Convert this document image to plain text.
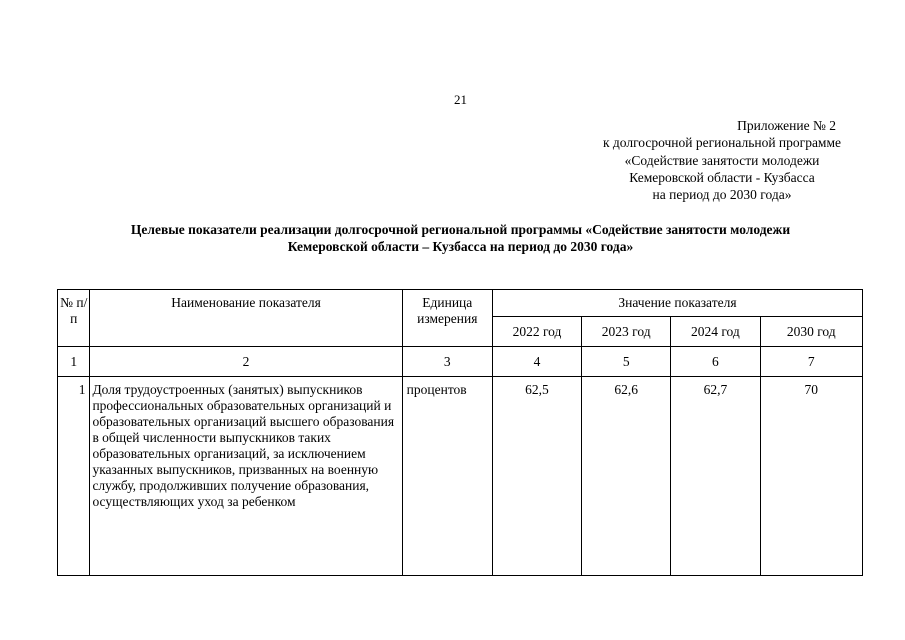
21
Приложение № 2
к долгосрочной региональной программе
«Содействие занятости молодежи
Кемеровской области - Кузбасса
на период до 2030 года»
Целевые показатели реализации долгосрочной региональной программы «Содействие занятости молодежи
Кемеровской области – Кузбасса на период до 2030 года»
№ п/п	Наименование показателя	Единица измерения	Значение показателя			
			2022 год	2023 год	2024 год	2030 год
1	2	3	4	5	6	7
1	Доля трудоустроенных (занятых) выпускников профессиональных образовательных организаций и образовательных организаций высшего образования в общей численности выпускников таких образовательных организаций, за исключением указанных выпускников, призванных на военную службу, продолживших получение образования, осуществляющих уход за ребенком	процентов	62,5	62,6	62,7	70
